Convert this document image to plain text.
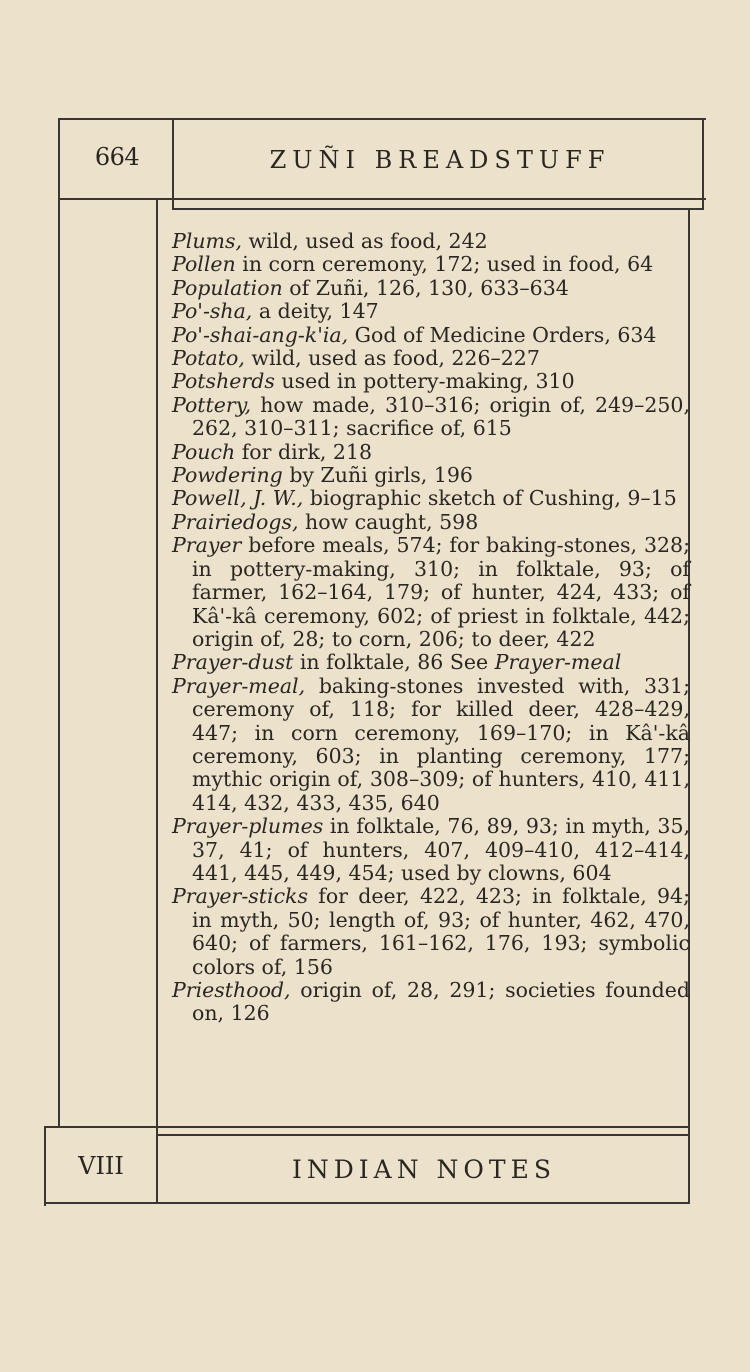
664	ZUÑI BREADSTUFF
Plums, wild, used as food, 242
Pollen in corn ceremony, 172; used in food, 64
Population of Zuñi, 126, 130, 633–634
Po'-sha, a deity, 147
Po'-shai-ang-k'ia, God of Medicine Orders, 634
Potato, wild, used as food, 226–227
Potsherds used in pottery-making, 310
Pottery, how made, 310–316; origin of, 249–250, 262, 310–311; sacrifice of, 615
Pouch for dirk, 218
Powdering by Zuñi girls, 196
Powell, J. W., biographic sketch of Cushing, 9–15
Prairiedogs, how caught, 598
Prayer before meals, 574; for baking-stones, 328; in pottery-making, 310; in folktale, 93; of farmer, 162–164, 179; of hunter, 424, 433; of Kâ'-kâ ceremony, 602; of priest in folktale, 442; origin of, 28; to corn, 206; to deer, 422
Prayer-dust in folktale, 86 See Prayer-meal
Prayer-meal, baking-stones invested with, 331; ceremony of, 118; for killed deer, 428–429, 447; in corn ceremony, 169–170; in Kâ'-kâ ceremony, 603; in planting ceremony, 177; mythic origin of, 308–309; of hunters, 410, 411, 414, 432, 433, 435, 640
Prayer-plumes in folktale, 76, 89, 93; in myth, 35, 37, 41; of hunters, 407, 409–410, 412–414, 441, 445, 449, 454; used by clowns, 604
Prayer-sticks for deer, 422, 423; in folktale, 94; in myth, 50; length of, 93; of hunter, 462, 470, 640; of farmers, 161–162, 176, 193; symbolic colors of, 156
Priesthood, origin of, 28, 291; societies founded on, 126
VIII	INDIAN NOTES
